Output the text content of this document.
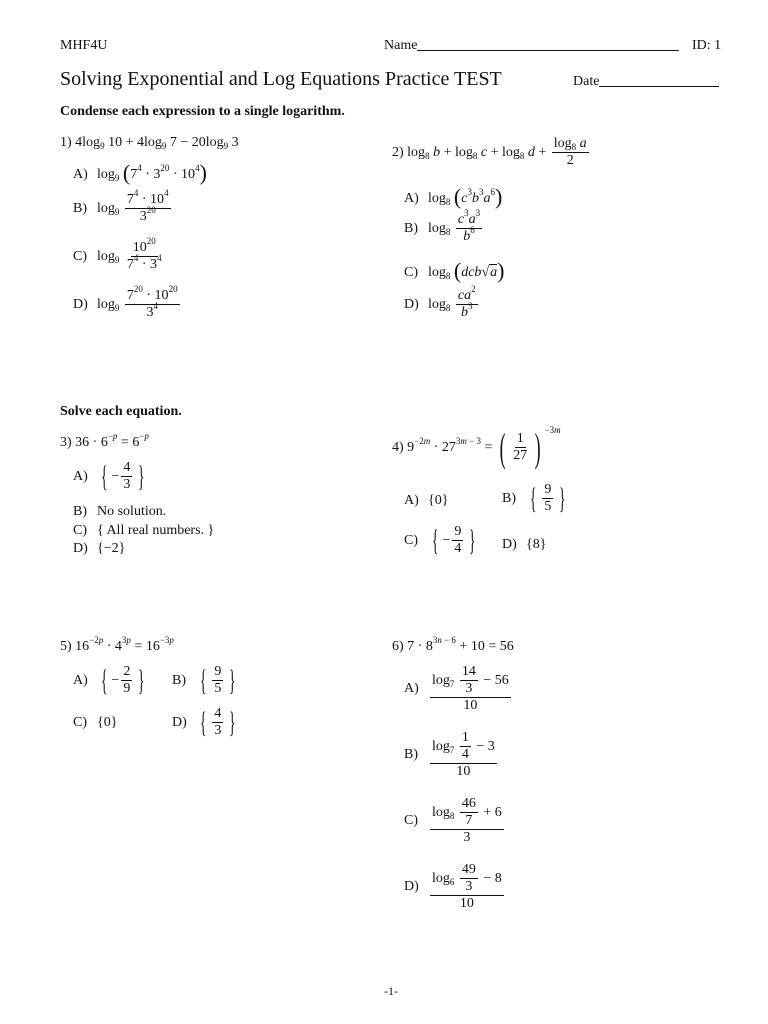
MHF4U	Name	ID: 1
Solving Exponential and Log Equations Practice TEST	Date
Condense each expression to a single logarithm.
1) $4\log_9$ $10 + 4\log_9$ $7 - 20\log_9$ 3
A) $\log_9 (7^4 \cdot 3^{20} \cdot 10^4)$
B) $\log_9 \frac{7^4 \cdot 10^4}{3^{20}}$
C) $\log_9 \frac{10^{20}}{7^4 \cdot 3^4}$
D) $\log_9 \frac{7^{20} \cdot 10^{20}}{3^4}$
2) $\log_8 b + \log_8 c + \log_8 d + \frac{\log_8 a}{2}$
A) $\log_8 (c^3b^3a^6)$
B) $\log_8 \frac{c^3a^3}{b^6}$
C) $\log_8 (dcb√a)$
D) $\log_8 \frac{ca^2}{b^3}$
Solve each equation.
3) $36 \cdot 6^{-p} = 6^{-p}$
A) { − $\frac{4}{3}$ }
B) No solution.
C) { All real numbers. }
D) {−2}
4) $9^{-2m} \cdot 27^{3m - 3}$ = ( $\frac{1}{27}$ ) $^{-3m}$
A) {0}	B) { $\frac{9}{5}$ }
C) { − $\frac{9}{4}$ } D) {8}
5) $16^{-2p} \cdot 4^{3p} = 16^{-3p}$
A) { − $\frac{2}{9}$ } B) { $\frac{9}{5}$ }
C) {0}	D) { $\frac{4}{3}$ }
6) $7 \cdot 8^{3n - 6} + 10 = 56$
$A) \frac{\log_7 \frac{14}{3} - 56}{10}$
$B) \frac{\log_7 \frac{1}{4} - 3}{10}$
$C) \frac{\log_8 \frac{46}{7} + 6}{3}$
$D) \frac{\log_6 \frac{49}{3} - 8}{10}$
-1-
